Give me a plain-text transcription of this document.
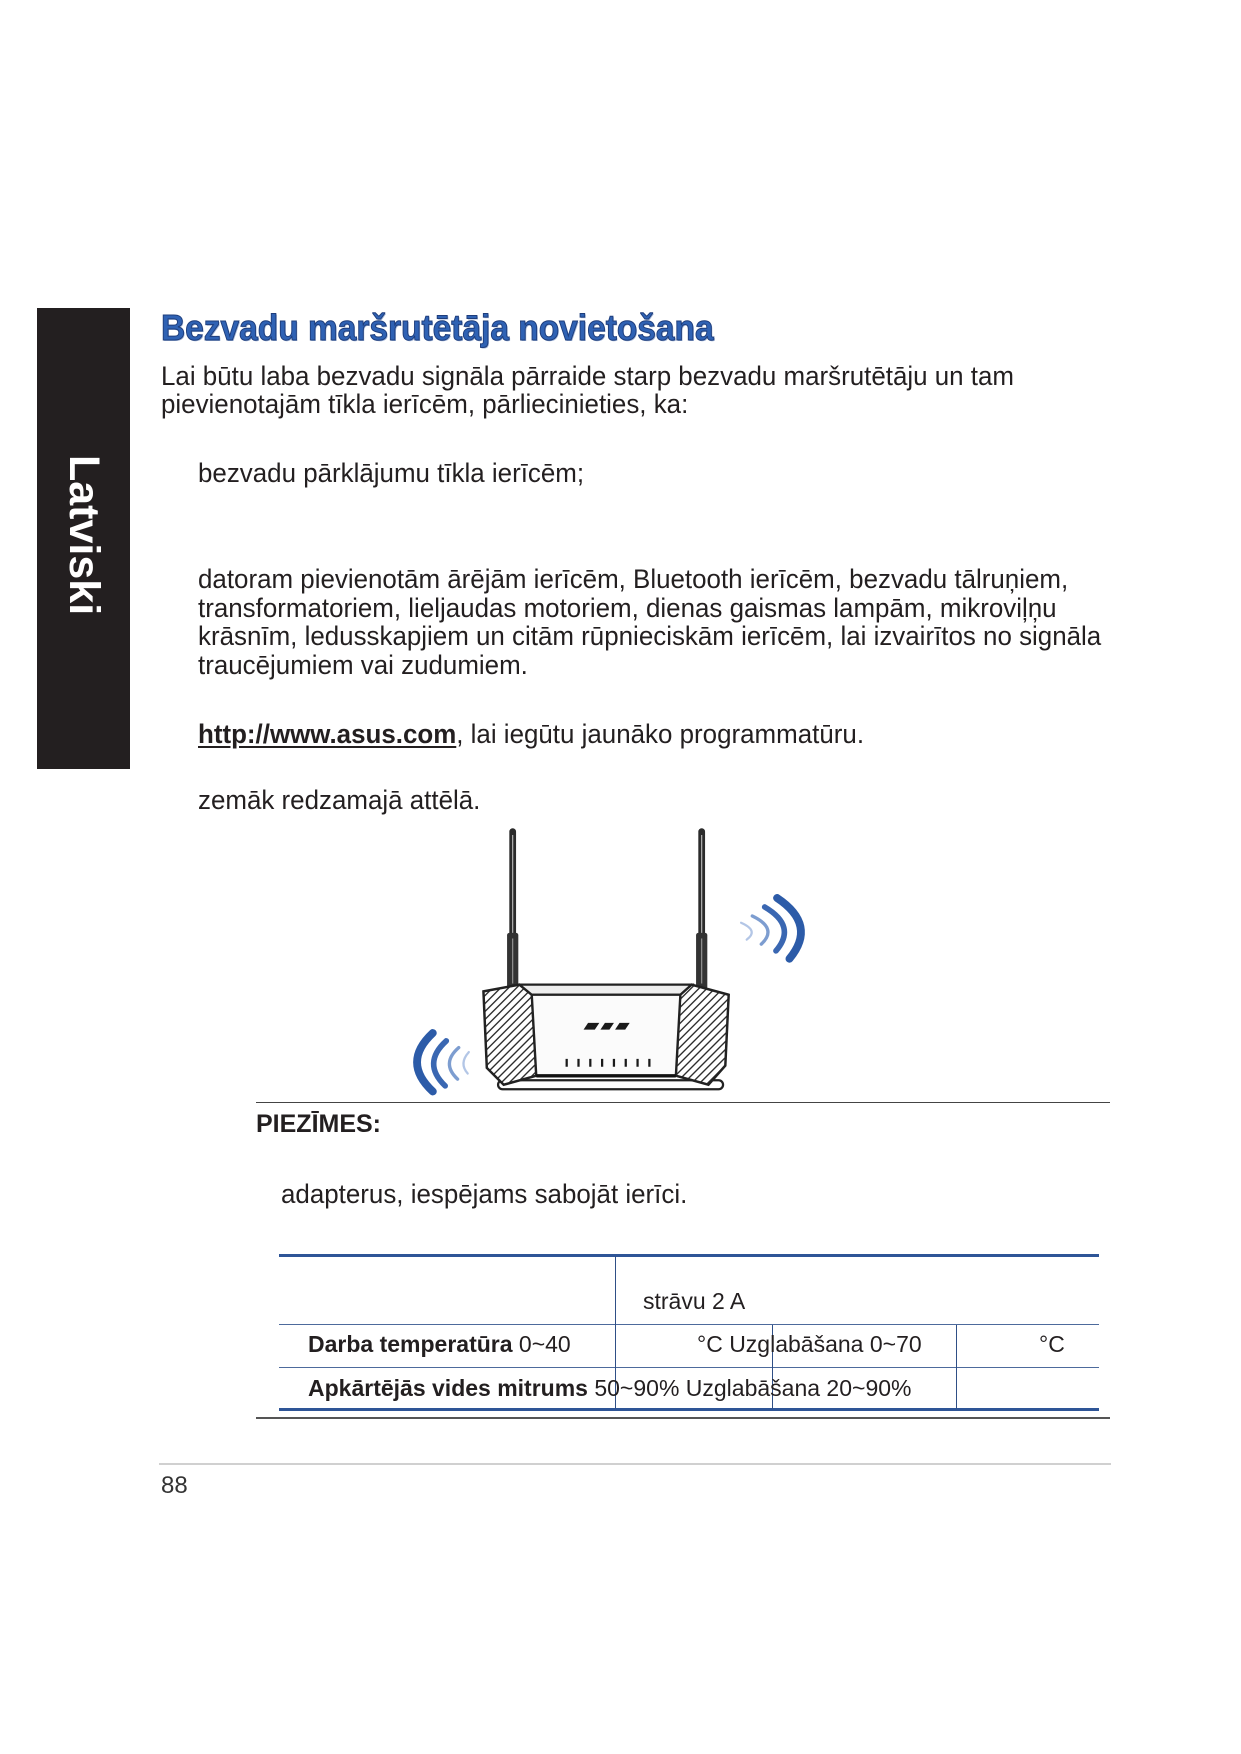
Latviski
Bezvadu maršrutētāja novietošana
Lai būtu laba bezvadu signāla pārraide starp bezvadu maršrutētāju un tam
pievienotajām tīkla ierīcēm, pārliecinieties, ka:
bezvadu pārklājumu tīkla ierīcēm;
datoram pievienotām ārējām ierīcēm, Bluetooth ierīcēm, bezvadu tālruņiem,
transformatoriem, lieljaudas motoriem, dienas gaismas lampām, mikroviļņu
krāsnīm, ledusskapjiem un citām rūpnieciskām ierīcēm, lai izvairītos no signāla
traucējumiem vai zudumiem.
http://www.asus.com, lai iegūtu jaunāko programmatūru.
zemāk redzamajā attēlā.
PIEZĪMES:
adapterus, iespējams sabojāt ierīci.
strāvu 2 A
Darba temperatūra 0~40	°C Uzglabāšana 0~70	°C
Apkārtējās vides mitrums 50~90% Uzglabāšana 20~90%
88
